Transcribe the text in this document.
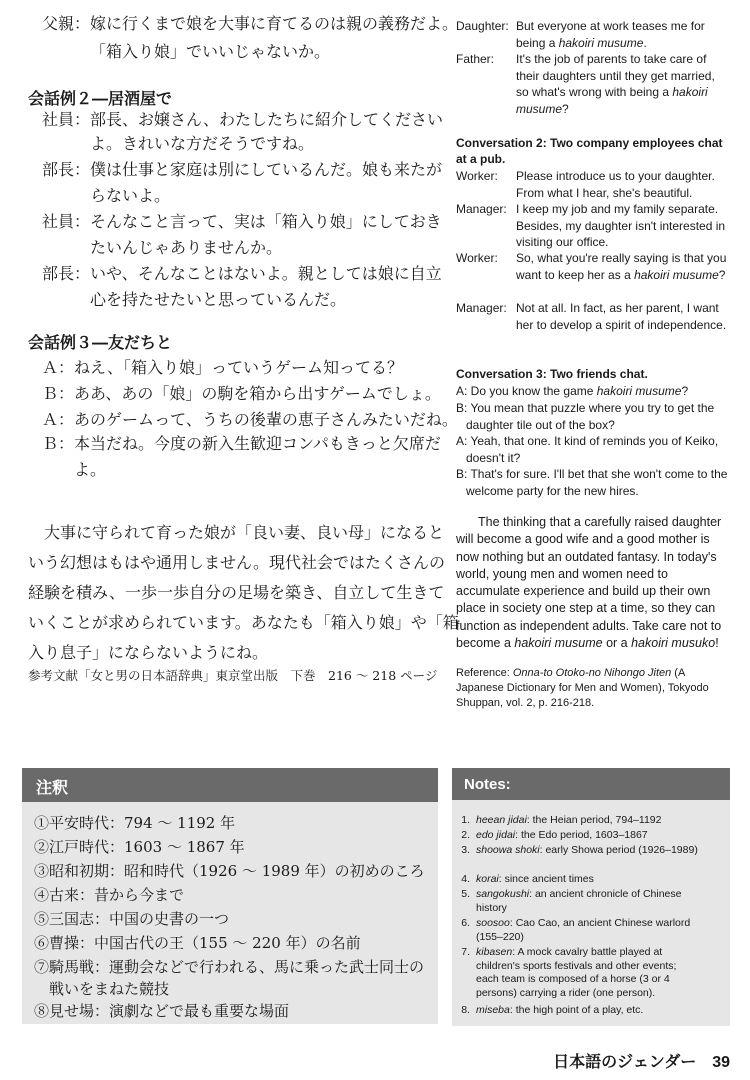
父親：嫁に行くまで娘を大事に育てるのは親の義務だよ。
「箱入り娘」でいいじゃないか。
会話例２―居酒屋で
社員：部長、お嬢さん、わたしたちに紹介してください
よ。きれいな方だそうですね。
部長：僕は仕事と家庭は別にしているんだ。娘も来たが
らないよ。
社員：そんなこと言って、実は「箱入り娘」にしておき
たいんじゃありませんか。
部長：いや、そんなことはないよ。親としては娘に自立
心を持たせたいと思っているんだ。
会話例３―友だちと
Ａ：ねえ、「箱入り娘」っていうゲーム知ってる？
Ｂ：ああ、あの「娘」の駒を箱から出すゲームでしょ。
Ａ：あのゲームって、うちの後輩の恵子さんみたいだね。
Ｂ：本当だね。今度の新入生歓迎コンパもきっと欠席だ
よ。
　大事に守られて育った娘が「良い妻、良い母」になると
いう幻想はもはや通用しません。現代社会ではたくさんの
経験を積み、一歩一歩自分の足場を築き、自立して生きて
いくことが求められています。あなたも「箱入り娘」や「箱
入り息子」にならないようにね。
参考文献「女と男の日本語辞典」東京堂出版　下巻　216 ～ 218 ページ
Daughter: But everyone at work teases me for being a hakoiri musume.
Father: It's the job of parents to take care of their daughters until they get married, so what's wrong with being a hakoiri musume?
Conversation 2: Two company employees chat at a pub.
Worker: Please introduce us to your daughter. From what I hear, she's beautiful.
Manager: I keep my job and my family separate. Besides, my daughter isn't interested in visiting our office.
Worker: So, what you're really saying is that you want to keep her as a hakoiri musume?
Manager: Not at all. In fact, as her parent, I want her to develop a spirit of independence.
Conversation 3: Two friends chat.
A: Do you know the game hakoiri musume?
B: You mean that puzzle where you try to get the daughter tile out of the box?
A: Yeah, that one. It kind of reminds you of Keiko, doesn't it?
B: That's for sure. I'll bet that she won't come to the welcome party for the new hires.
The thinking that a carefully raised daughter will become a good wife and a good mother is now nothing but an outdated fantasy. In today's world, young men and women need to accumulate experience and build up their own place in society one step at a time, so they can function as independent adults. Take care not to become a hakoiri musume or a hakoiri musuko!
Reference: Onna-to Otoko-no Nihongo Jiten (A Japanese Dictionary for Men and Women), Tokyodo Shuppan, vol. 2, p. 216-218.
注釈
①平安時代：794 ～ 1192 年
②江戸時代：1603 ～ 1867 年
③昭和初期：昭和時代（1926 ～ 1989 年）の初めのころ
④古来：昔から今まで
⑤三国志：中国の史書の一つ
⑥曹操：中国古代の王（155 ～ 220 年）の名前
⑦騎馬戦：運動会などで行われる、馬に乗った武士同士の
　戦いをまねた競技
⑧見せ場：演劇などで最も重要な場面
Notes:
1. heean jidai: the Heian period, 794–1192
2. edo jidai: the Edo period, 1603–1867
3. shoowa shoki: early Showa period (1926–1989)
4. korai: since ancient times
5. sangokushi: an ancient chronicle of Chinese history
6. soosoo: Cao Cao, an ancient Chinese warlord (155–220)
7. kibasen: A mock cavalry battle played at children's sports festivals and other events; each team is composed of a horse (3 or 4 persons) carrying a rider (one person).
8. miseba: the high point of a play, etc.
日本語のジェンダー 39
